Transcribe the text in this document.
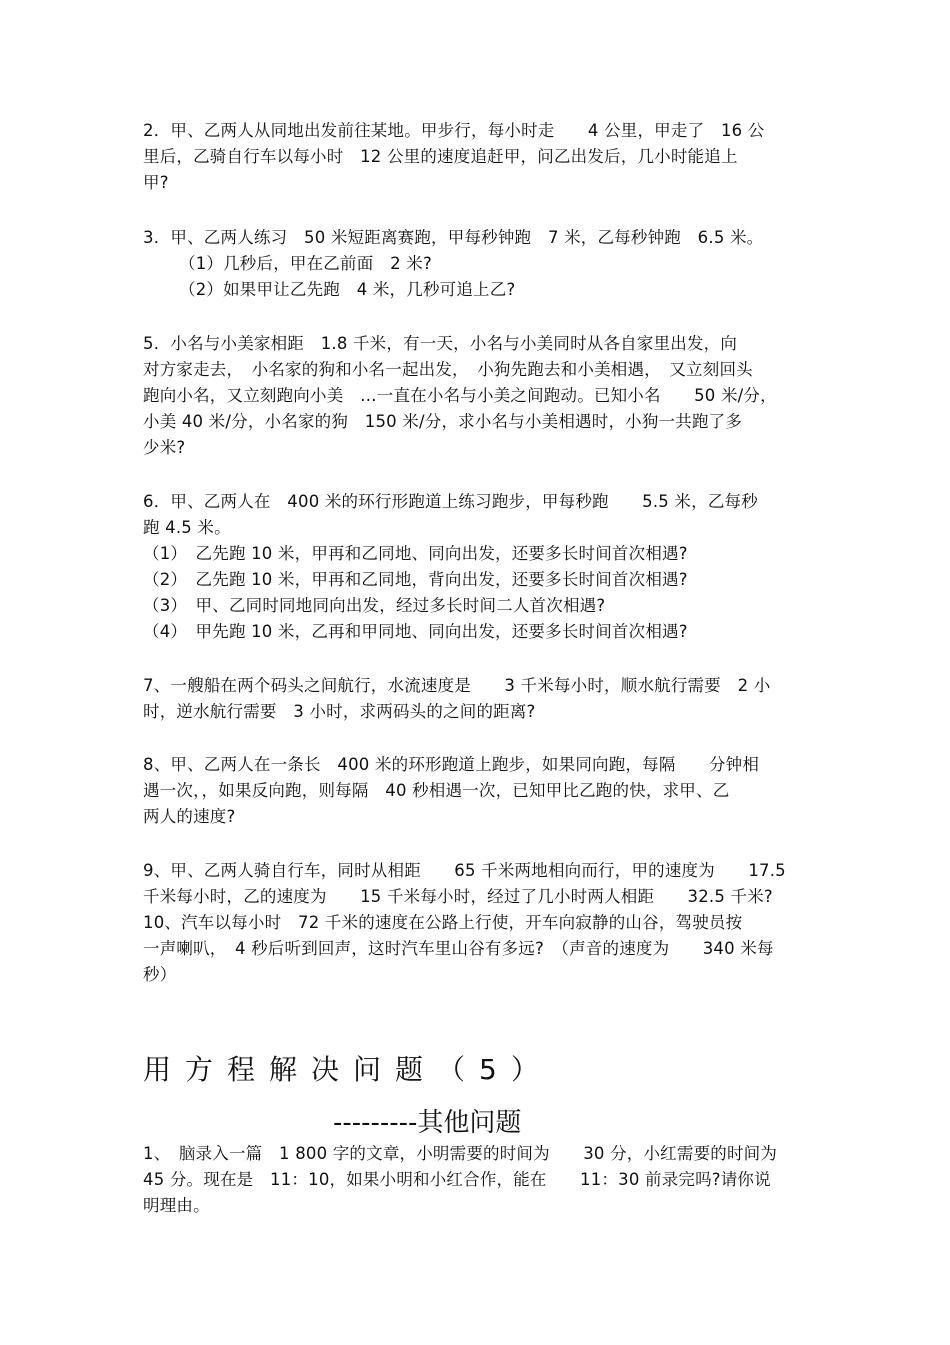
2．甲、乙两人从同地出发前往某地。甲步行，每小时走　　4 公里，甲走了　16 公

里后，乙骑自行车以每小时　12 公里的速度追赶甲，问乙出发后，几小时能追上

甲?

3．甲、乙两人练习　50 米短距离赛跑，甲每秒钟跑　7 米，乙每秒钟跑　6.5 米。

（1）几秒后，甲在乙前面　2 米?

（2）如果甲让乙先跑　4 米，几秒可追上乙?

5．小名与小美家相距　1.8 千米，有一天，小名与小美同时从各自家里出发，向

对方家走去，　小名家的狗和小名一起出发，　小狗先跑去和小美相遇，　又立刻回头

跑向小名，又立刻跑向小美　…一直在小名与小美之间跑动。已知小名　　50 米/分，

小美 40 米/分，小名家的狗　150 米/分，求小名与小美相遇时，小狗一共跑了多

少米?

6．甲、乙两人在　400 米的环行形跑道上练习跑步，甲每秒跑　　5.5 米，乙每秒

跑 4.5 米。

（1）　乙先跑 10 米，甲再和乙同地、同向出发，还要多长时间首次相遇?

（2）　乙先跑 10 米，甲再和乙同地，背向出发，还要多长时间首次相遇?

（3）　甲、乙同时同地同向出发，经过多长时间二人首次相遇?

（4）　甲先跑 10 米，乙再和甲同地、同向出发，还要多长时间首次相遇?

7、一艘船在两个码头之间航行，水流速度是　　3 千米每小时，顺水航行需要　2 小

时，逆水航行需要　3 小时，求两码头的之间的距离?

8、甲、乙两人在一条长　400 米的环形跑道上跑步，如果同向跑，每隔　　分钟相

遇一次，，如果反向跑，则每隔　40 秒相遇一次，已知甲比乙跑的快，求甲、乙

两人的速度?

9、甲、乙两人骑自行车，同时从相距　　65 千米两地相向而行，甲的速度为　　17.5

千米每小时，乙的速度为　　15 千米每小时，经过了几小时两人相距　　32.5 千米?

10、汽车以每小时　72 千米的速度在公路上行使，开车向寂静的山谷，驾驶员按

一声喇叭，　4 秒后听到回声，这时汽车里山谷有多远?　（声音的速度为　　340 米每

秒）

用方程解决问题（5）
---------其他问题

1、　脑录入一篇　1 800 字的文章，小明需要的时间为　　30 分，小红需要的时间为

45 分。现在是　11：10，如果小明和小红合作，能在　　11：30 前录完吗?请你说

明理由。
